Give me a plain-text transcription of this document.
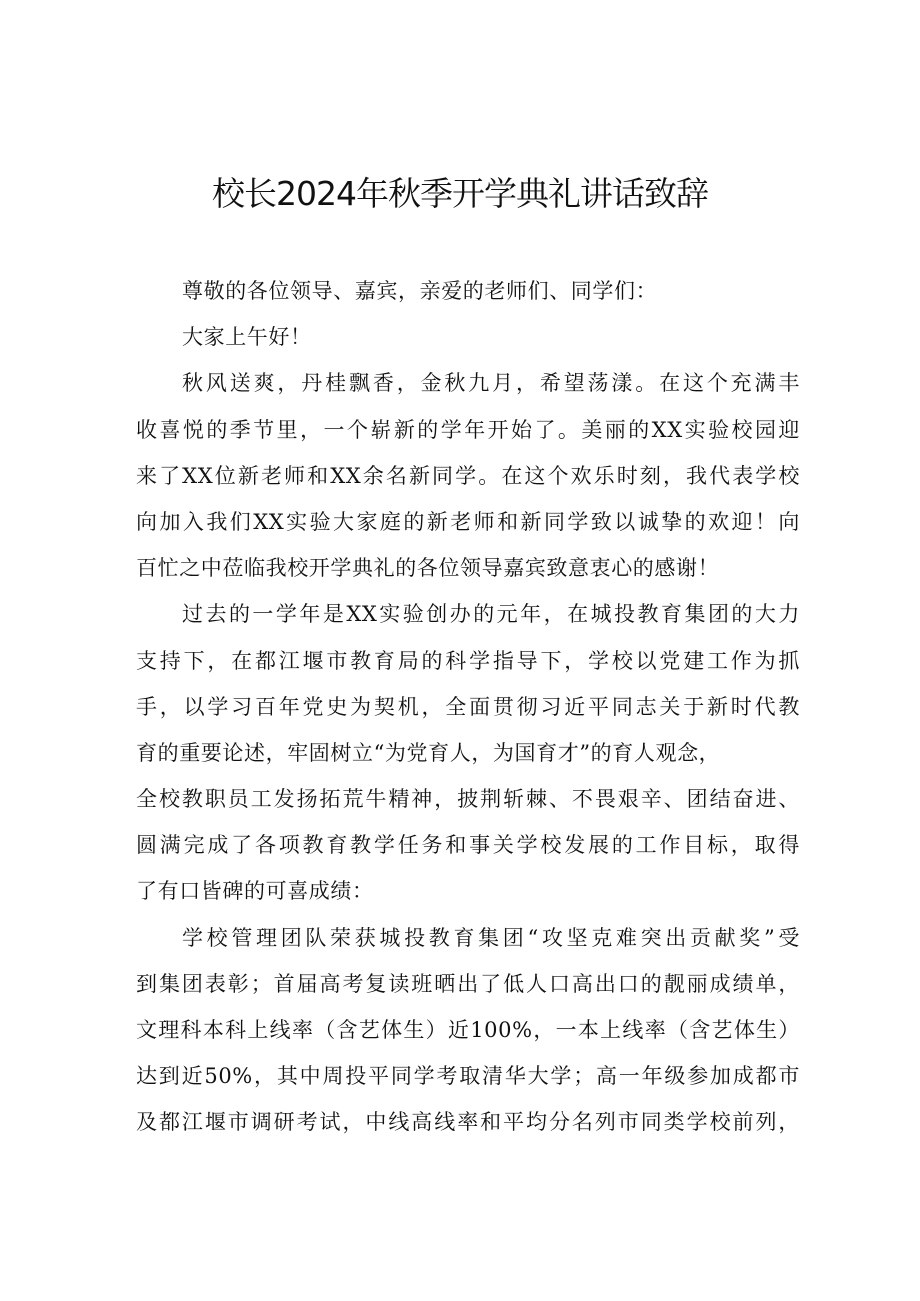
校长2024年秋季开学典礼讲话致辞
尊敬的各位领导、嘉宾，亲爱的老师们、同学们：
大家上午好！
秋风送爽，丹桂飘香，金秋九月，希望荡漾。在这个充满丰
收喜悦的季节里，一个崭新的学年开始了。美丽的XX实验校园迎
来了XX位新老师和XX余名新同学。在这个欢乐时刻，我代表学校
向加入我们XX实验大家庭的新老师和新同学致以诚挚的欢迎！向
百忙之中莅临我校开学典礼的各位领导嘉宾致意衷心的感谢！
过去的一学年是XX实验创办的元年，在城投教育集团的大力
支持下，在都江堰市教育局的科学指导下，学校以党建工作为抓
手，以学习百年党史为契机，全面贯彻习近平同志关于新时代教
育的重要论述，牢固树立“为党育人，为国育才”的育人观念，
全校教职员工发扬拓荒牛精神，披荆斩棘、不畏艰辛、团结奋进、
圆满完成了各项教育教学任务和事关学校发展的工作目标，取得
了有口皆碑的可喜成绩：
学校管理团队荣获城投教育集团“攻坚克难突出贡献奖”受
到集团表彰；首届高考复读班晒出了低人口高出口的靓丽成绩单，
文理科本科上线率（含艺体生）近100%，一本上线率（含艺体生）
达到近50%，其中周投平同学考取清华大学；高一年级参加成都市
及都江堰市调研考试，中线高线率和平均分名列市同类学校前列，
